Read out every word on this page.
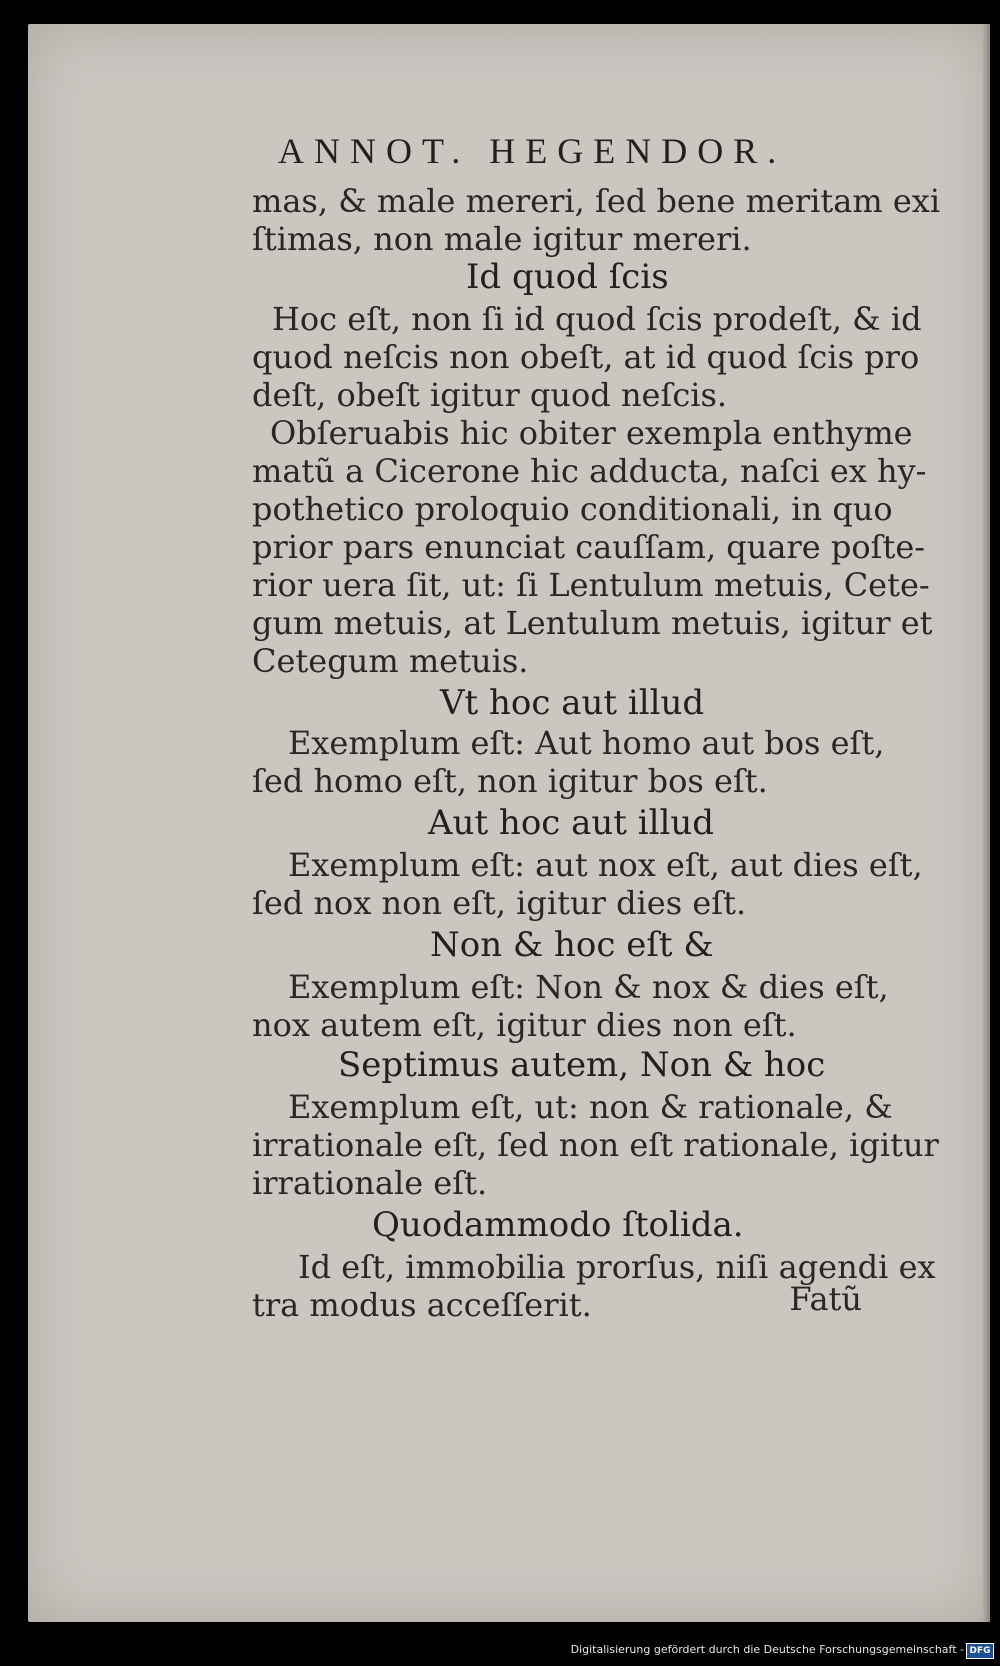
ANNOT. HEGENDOR.
mas, & male mereri, ſed bene meritam exi
ſtimas, non male igitur mereri.
Id quod ſcis
Hoc eſt, non ſi id quod ſcis prodeſt, & id
quod neſcis non obeſt, at id quod ſcis pro
deſt, obeſt igitur quod neſcis.
Obſeruabis hic obiter exempla enthyme
matũ a Cicerone hic adducta, naſci ex hy-
pothetico proloquio conditionali, in quo
prior pars enunciat cauſſam, quare poſte-
rior uera ſit, ut: ſi Lentulum metuis, Cete-
gum metuis, at Lentulum metuis, igitur et
Cetegum metuis.
Vt hoc aut illud
Exemplum eſt: Aut homo aut bos eſt,
ſed homo eſt, non igitur bos eſt.
Aut hoc aut illud
Exemplum eſt: aut nox eſt, aut dies eſt,
ſed nox non eſt, igitur dies eſt.
Non & hoc eſt &
Exemplum eſt: Non & nox & dies eſt,
nox autem eſt, igitur dies non eſt.
Septimus autem, Non & hoc
Exemplum eſt, ut: non & rationale, &
irrationale eſt, ſed non eſt rationale, igitur
irrationale eſt.
Quodammodo ſtolida.
Id eſt, immobilia prorſus, niſi agendi ex
tra modus acceſſerit.	Fatũ
Digitalisierung gefördert durch die Deutsche Forschungsgemeinschaft - DFG
